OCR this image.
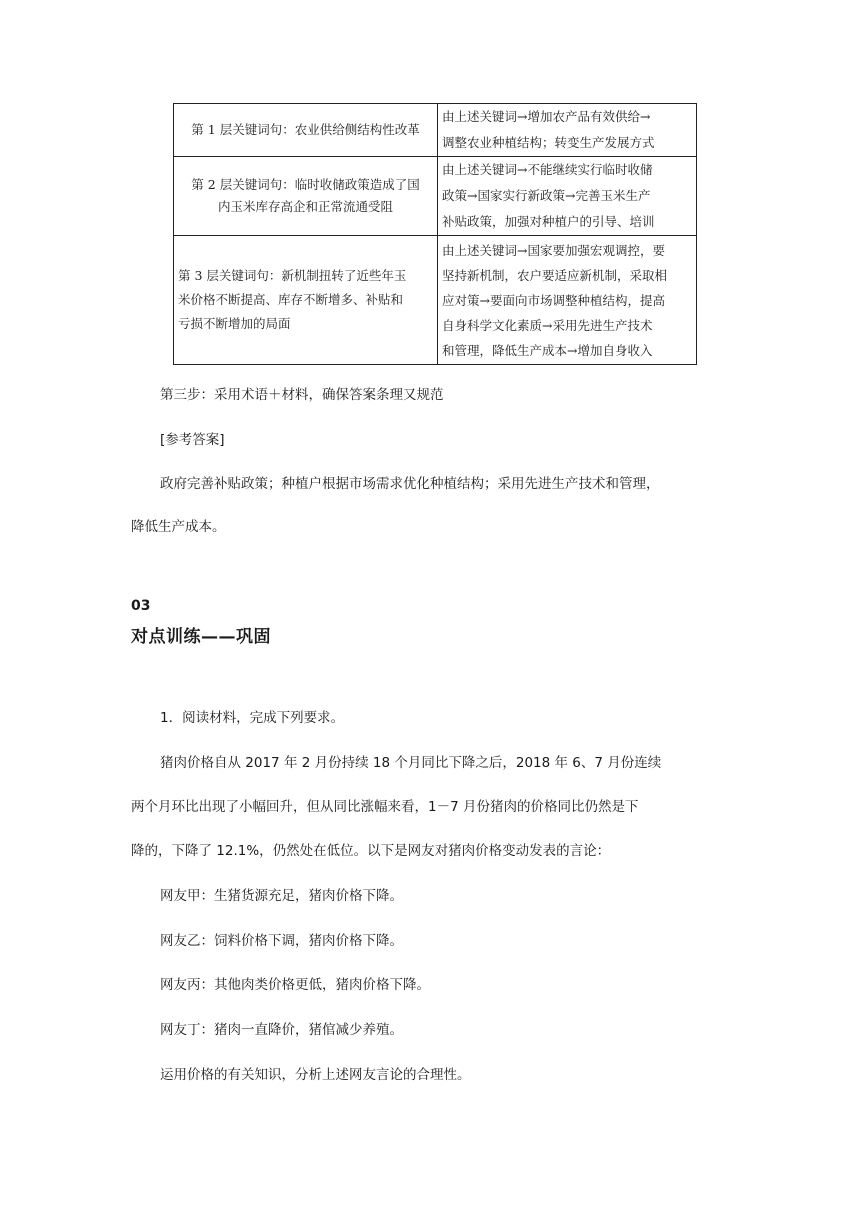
第 1 层关键词句：农业供给侧结构性改革	由上述关键词→增加农产品有效供给→
调整农业种植结构；转变生产发展方式

第 2 层关键词句：临时收储政策造成了国
内玉米库存高企和正常流通受阻	由上述关键词→不能继续实行临时收储
政策→国家实行新政策→完善玉米生产
补贴政策，加强对种植户的引导、培训

第 3 层关键词句：新机制扭转了近些年玉
米价格不断提高、库存不断增多、补贴和
亏损不断增加的局面	由上述关键词→国家要加强宏观调控，要
坚持新机制，农户要适应新机制，采取相
应对策→要面向市场调整种植结构，提高
自身科学文化素质→采用先进生产技术
和管理，降低生产成本→增加自身收入
第三步：采用术语＋材料，确保答案条理又规范
[参考答案]
政府完善补贴政策；种植户根据市场需求优化种植结构；采用先进生产技术和管理，
降低生产成本。
03
对点训练——巩固
1．阅读材料，完成下列要求。
猪肉价格自从 2017 年 2 月份持续 18 个月同比下降之后，2018 年 6、7 月份连续
两个月环比出现了小幅回升，但从同比涨幅来看，1－7 月份猪肉的价格同比仍然是下
降的，下降了 12.1%，仍然处在低位。以下是网友对猪肉价格变动发表的言论：
网友甲：生猪货源充足，猪肉价格下降。
网友乙：饲料价格下调，猪肉价格下降。
网友丙：其他肉类价格更低，猪肉价格下降。
网友丁：猪肉一直降价，猪倌减少养殖。
运用价格的有关知识，分析上述网友言论的合理性。
